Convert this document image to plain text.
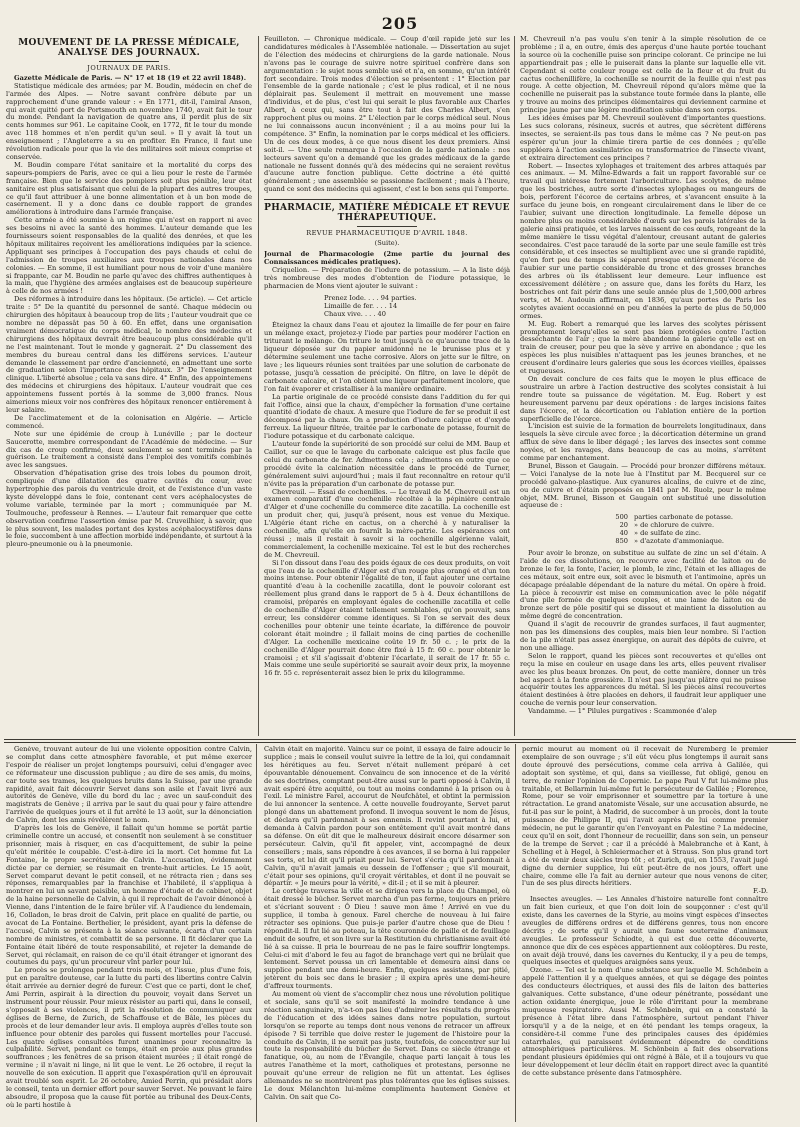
205
MOUVEMENT DE LA PRESSE MÉDICALE, ANALYSE DES JOURNAUX.
JOURNAUX DE PARIS.

Gazette Médicale de Paris. — N° 17 et 18 (19 et 22 avril 1848).

Statistique médicale des armées; par M. Boudin, médecin en chef de l'armée des Alpes. — Notre savant confrère débute par un rapprochement d'une grande valeur : « En 1771, dit-il, l'amiral Anson, qui avait quitté port de Portsmouth en novembre 1740, avait fait le tour du monde. Pendant la navigation de quatre ans, il perdit plus de six cents hommes sur 961. Le capitaine Cook, en 1772, fit le tour du monde avec 118 hommes et n'en perdit qu'un seul. » Il y avait là tout un enseignement ; l'Angleterre a su en profiter. En France, il faut une révolution radicale pour que la vie des militaires soit mieux comprise et conservée.

M. Boudin compare l'état sanitaire et la mortalité du corps des sapeurs-pompiers de Paris, avec ce qui a lieu pour le reste de l'armée française. Bien que le service des pompiers soit plus pénible, leur état sanitaire est plus satisfaisant que celui de la plupart des autres troupes, ce qu'il faut attribuer à une bonne alimentation et à un bon mode de casernement. Il y a donc dans ce double rapport de grandes améliorations à introduire dans l'armée française.

Cette armée a été soumise à un régime qui n'est en rapport ni avec ses besoins ni avec la santé des hommes. L'auteur demande que les fournisseurs soient responsables de la qualité des denrées, et que les hôpitaux militaires reçoivent les améliorations indiquées par la science. Appliquant ses principes à l'occupation des pays chauds et celui de l'admission de troupes auxiliaires aux troupes nationales dans nos colonies. — En somme, il est humiliant pour nous de voir d'une manière si frappante, car M. Boudin ne parle qu'avec des chiffres authentiques à la main, que l'hygiène des armées anglaises est de beaucoup supérieure à celle de nos armées !

Des réformes à introduire dans les hôpitaux. (5e article). — Cet article traite : 5° De la quantité du personnel de santé. Chaque médecin ou chirurgien des hôpitaux à beaucoup trop de lits ; l'auteur voudrait que ce nombre ne dépassât pas 50 à 60. En effet, dans une organisation vraiment démocratique du corps médical, le nombre des médecins et chirurgiens des hôpitaux devrait être beaucoup plus considérable qu'il ne l'est maintenant. Tout le monde y gagnerait. 2° Du classement des membres du bureau central dans les différens services. L'auteur demande le classement par ordre d'ancienneté, en admettant une sorte de graduation selon l'importance des hôpitaux. 3° De l'enseignement clinique. L'liberté absolue ; cela va sans dire. 4° Enfin, des appointemens des médecins et chirurgiens des hôpitaux. L'auteur voudrait que ces appointemens fussent portés à la somme de 3,000 francs. Nous aimerions mieux voir nos confrères des hôpitaux renoncer entièrement à leur salaire.

De l'acclimatement et de la colonisation en Algérie. — Article commencé.

Note sur une épidémie de croup à Lunéville ; par le docteur Saucerotte, membre correspondant de l'Académie de médecine. — Sur dix cas de croup confirmé, deux seulement se sont terminés par la guérison. Le traitement a consisté dans l'emploi des vomitifs combinés avec les sangsues.

Observation d'hépatisation grise des trois lobes du poumon droit, compliquée d'une dilatation des quatre cavités du cœur, avec hypertrophie des parois du ventricule droit, et de l'existence d'un vaste kyste développé dans le foie, contenant cent vers acéphalocystes de volume variable, terminée par la mort ; communiquée par M. Toulmouche, professeur à Rennes. — L'auteur fait remarquer que cette observation confirme l'assertion émise par M. Cruveilhier, à savoir, que le plus souvent, les malades portant des kystes acéphalocystifères dans le foie, succombent à une affection morbide indépendante, et surtout à la pleuro-pneumonie ou à la pneumonie.

Feuilleton. — Chronique médicale. — Coup d'œil rapide jeté sur les candidatures médicales à l'Assemblée nationale. — Dissertation au sujet de l'élection des médecins et chirurgiens de la garde nationale. Nous n'avons pas le courage de suivre notre spirituel confrère dans son argumentation : le sujet nous semble usé et n'a, en somme, qu'un intérêt fort secondaire. Trois modes d'élection se présentent : 1° Election par l'ensemble de la garde nationale ; c'est le plus radical, et il ne nous déplairait pas. Seulement il mettrait en mouvement une masse d'individus, et de plus, c'est lui qui serait le plus favorable aux Charles Albert, à ceux qui, sans être tout à fait des Charles Albert, s'en rapprochent plus ou moins. 2° L'élection par le corps médical seul. Nous ne lui connaissons aucun inconvénient ; il a au moins pour lui la compétence. 3° Enfin, la nomination par le corps médical et les officiers. Un de ces deux modes, à ce que nous disent les deux premiers. Ainsi soit-il. — Une seule remarque à l'occasion de la garde nationale : nos lecteurs savent qu'on a demandé que les grades médicaux de la garde nationale ne fussent donnés qu'à des médecins qui ne seraient revêtus d'aucune autre fonction publique. Cette doctrine a été quitté généralement ; une assemblée se passionne facilement ; mais à l'heure, quand ce sont des médecins qui agissent, c'est le bon sens qui l'emporte.

PHARMACIE, MATIÈRE MÉDICALE ET REVUE THÉRAPEUTIQUE.
REVUE PHARMACEUTIQUE D'AVRIL 1848.
(Suite).

Journal de Pharmacologie (2me partie du journal des Connaissances médicales pratiques).

Criquelion. — Préparation de l'iodure de potassium. — A la liste déjà très nombreuse des modes d'obtention de l'iodure potassique, le pharmacien de Mons vient ajouter le suivant :

Prenez Iode. . . . 94 parties.
Limaille de fer. . . . 14
Chaux vive. . . . 40

Éteignez la chaux dans l'eau et ajoutez la limaille de fer pour en faire un mélange exact, projetez-y l'iode par parties pour modérer l'action en triturant le mélange. On triture le tout jusqu'à ce qu'aucune trace de la liqueur déposée sur du papier amidonné ne le brunisse plus et y détermine seulement une tache corrosive. Alors on jette sur le filtre, on lave ; les liqueurs réunies sont traitées par une solution de carbonate de potasse, jusqu'à cessation de précipité. On filtre, on lave le dépôt de carbonate calcaire, et l'on obtient une liqueur parfaitement incolore, que l'on fait évaporer et cristalliser à la manière ordinaire.

La partie originale de ce procédé consiste dans l'addition du fer qui fait l'office, ainsi que la chaux, d'empêcher la formation d'une certaine quantité d'iodate de chaux. A mesure que l'iodure de fer se produit il est décomposé par la chaux. On a production d'iodure calcique et d'oxyde ferreux. La liqueur filtrée, traitée par le carbonate de potasse, fournit de l'iodure potassique et du carbonate calcique.

L'auteur fonde la supériorité de son procédé sur celui de MM. Baup et Caillot, sur ce que le lavage du carbonate calcique est plus facile que celui du carbonate de fer. Admettons cela ; admettons en outre que ce procédé évite la calcination nécessitée dans le procédé de Turner, généralement suivi aujourd'hui ; mais il faut reconnaître en retour qu'il n'évite pas la préparation d'un carbonate de potasse pur.

Chevreuil. — Essai de cochenilles. — Le travail de M. Chevreuil est un examen comparatif d'une cochenille récoltée à la pépinière centrale d'Alger et d'une cochenille du commerce dite zacatilla. La cochenille est un produit cher, qui, jusqu'à présent, nous est venue du Mexique. L'Algérie étant riche en cactus, on a cherché à y naturaliser la cochenille, afin qu'elle en fournît la mère-patrie. Les espérances ont réussi ; mais il restait à savoir si la cochenille algérienne valait, commercialement, la cochenille mexicaine. Tel est le but des recherches de M. Chevreuil.

Si l'on dissout dans l'eau des poids égaux de ces deux produits, on voit que l'eau de la cochenille d'Alger est d'un rouge plus orangé et d'un ton moins intense. Pour obtenir l'égalité de ton, il faut ajouter une certaine quantité d'eau à la cochenille zacatilla, dont le pouvoir colorant est réellement plus grand dans le rapport de 5 à 4. Deux échantillons de cramoisi, préparés en employant égales de cochenille zacatilla et celle de cochenille d'Alger étaient tellement semblables, qu'on pouvait, sans erreur, les considérer comme identiques. Si l'on se servait des deux cochenilles pour obtenir une teinte écarlate, la différence de pouvoir colorant était moindre ; il fallait moins de cinq parties de cochenille d'Alger. La cochenille mexicaine coûte 19 fr. 50 c. ; le prix de la cochenille d'Alger pourrait donc être fixé à 15 fr. 60 c. pour obtenir le cramoisi ; et s'il s'agissait d'obtenir l'écarlate, il serait de 17 fr. 55 c. Mais comme une seule supériorité se saurait avoir deux prix, la moyenne 16 fr. 55 c. représenterait assez bien le prix du kilogramme.

M. Chevreuil n'a pas voulu s'en tenir à la simple résolution de ce problème ; il a, en outre, émis des aperçus d'une haute portée touchant la source où la cochenille puise son principe colorant. Ce principe ne lui appartiendrait pas ; elle le puiserait dans la plante sur laquelle elle vit. Cependant si cette couleur rouge est celle de la fleur et du fruit du cactus cochenillifère, la cochenille se nourrit de la feuille qui n'est pas rouge. À cette objection, M. Chevreuil répond qu'alors même que la cochenille ne puiserait pas la substance toute formée dans la plante, elle y trouve au moins des principes élémentaires qui deviennent carmine et principe jaune par une légère modification subie dans son corps.

Les idées émises par M. Chevreuil soulèvent d'importantes questions. Les sucs colorans, résineux, sucrés et autres, que sécrètent différens insectes, se seraient-ils pas tous dans le même cas ? Ne peut-on pas espérer qu'un jour la chimie tirera partie de ces données ; qu'elle suppléera à l'action assimilatrice ou transformatrice de l'insecte vivant, et extraira directement ces principes ?

Robert. — Insectes xylophages et traitement des arbres attaqués par ces animaux. — M. Milne-Edwards a fait un rapport favorable sur ce travail qui intéresse fortement l'arboriculture. Les scolytes, de même que les bostriches, autre sorte d'insectes xylophages ou mangeurs de bois, perforent l'écorce de certains arbres, et s'avancent ensuite à la surface du jeune bois, en rongeant circulairement dans le liber de ce l'aubier, suivant une direction longitudinale. La femelle dépose un nombre plus ou moins considérable d'œufs sur les parois latérales de la galerie ainsi pratiquée, et les larves naissent de ces œufs, rongeant de la même manière le tissu végétal d'alentour, creusant autant de galeries secondaires. C'est pace taraudé de la sorte par une seule famille est très considérable, et ces insectes se multiplient avec une si grande rapidité, qu'en fort peu de temps ils séparent presque entièrement l'écorce de l'aubier sur une partie considérable du tronc et des grosses branches des arbres où ils établissent leur demeure. Leur influence est excessivement délétère ; on assure que, dans les forêts du Harz, les bostriches ont fait périr dans une seule année plus de 1,500,000 arbres verts, et M. Audouin affirmait, en 1836, qu'aux portes de Paris les scolytes avaient occasionné en peu d'années la perte de plus de 50,000 ormes.

M. Eug. Robert a remarqué que les larves des scolytes périssent promptement lorsqu'elles se sont pas bien protégées contre l'action desséchante de l'air ; que la mère abandonne la galerie qu'elle est en train de creuser, pour peu que la sève y arrive en abondance ; que les espèces les plus nuisibles n'attaquent pas les jeunes branches, et ne creusent d'ordinaire leurs galeries que sous les écorces vieilles, épaisses et rugueuses.

On devait conclure de ces faits que le moyen le plus efficace de soustraire un arbre à l'action destructive des scolytes consistait à lui rendre toute sa puissance de végétation. M. Eug. Robert y est heureusement parvenu par deux opérations : de larges incisions faites dans l'écorce, et la décortication ou l'ablation entière de la portion superficielle de l'écorce.

L'incision est suivie de la formation de bourrelets longitudinaux, dans lesquels la sève circule avec force ; la décortication détermine un grand afflux de sève dans le liber dégagé ; les larves des insectes sont comme noyées, et les ravages, dans beaucoup de cas au moins, s'arrêtent comme par enchantement.

Brunel, Bisson et Gaugain. — Procédé pour bronzer différens métaux. — Voici l'analyse de la note lue à l'Institut par M. Becquerel sur ce procédé galvano-plastique. Aux cyanures alcalins, de cuivre et de zinc, ou de cuivre et d'étain proposés en 1841 par M. Ruolz, pour le même objet, MM. Brunel, Bisson et Gaugain ont substitué une dissolution aqueuse de :

500 parties carbonate de potasse.
20 » de chlorure de cuivre.
40 » de sulfate de zinc.
850 » d'azotate d'ammoniaque.

Pour avoir le bronze, on substitue au sulfate de zinc un sel d'étain. A l'aide de ces dissolutions, on recouvre avec facilité de laiton ou de bronze le fer, la fonte, l'acier, le plomb, le zinc, l'étain et les alliages de ces métaux, soit entre eux, soit avec le bismuth et l'antimoine, après un décapage préalable dépendant de la nature du métal. On opère à froid. La pièce à recouvrir est mise en communication avec le pôle négatif d'une pile formée de quelques couples, et une lame de laiton ou de bronze sert de pôle positif qui se dissout et maintient la dissolution au même degré de concentration.

Quand il s'agit de recouvrir de grandes surfaces, il faut augmenter, non pas les dimensions des couples, mais bien leur nombre. Si l'action de la pile n'était pas assez énergique, on aurait des dépôts de cuivre, et non une alliage.

Selon le rapport, quand les pièces sont recouvertes et qu'elles ont reçu la mise en couleur en usage dans les arts, elles peuvent rivaliser avec les plus beaux bronzes. On peut, de cette manière, donner un très bel aspect à la fonte grossière. Il n'est pas jusqu'au plâtre qui ne puisse acquérir toutes les apparences du métal. Si les pièces ainsi recouvertes étaient destinées à être placées en dehors, il faudrait leur appliquer une couche de vernis pour leur conservation.

Vandamme. — 1° Pilules purgatives : Scammonée d'alep

Genève, trouvant auteur de lui une violente opposition contre Calvin, se complut dans cette atmosphère favorable, et put même exercer l'espoir de réaliser un projet longtemps poursuivi, celui d'engager avec ce réformateur une discussion publique ; au dire de ses amis, du moins, car toute ses trames, les quelques bruits dans la Suisse, par une grande rapidité, avait fait découvrir Servet dans son asile et l'avait livré aux autorités de Genève, ville du bord du lac ; avec un sauf-conduit des magistrats de Genève ; il arriva par le saut du quai pour y faire attendre l'arrivée de quelques jours et il fut arrêté le 13 août, sur la dénonciation de Calvin, dont les amis révélèrent le nom.

D'après les lois de Genève, il fallait qu'un homme se portât partie criminelle contre un accusé, et consentît non seulement à se constituer prisonnier, mais à risquer, en cas d'acquittement, de subir la peine qu'eût méritée le coupable. C'est-à-dire ici la mort. Cet homme fut La Fontaine, le propre secrétaire de Calvin. L'accusation, évidemment dictée par ce dernier, se résumait en trente-huit articles. Le 15 août, Servet comparut devant le petit conseil, et ne rétracta rien ; dans ses réponses, remarquables par la franchise et l'habileté, il s'appliqua à montrer en lui un savant paisible, un homme d'étude et de cabinet, objet de la haine personnelle de Calvin, à qui il reprochait de l'avoir dénoncé à Vienne, dans l'intention de le faire brûler vif. À l'audience du lendemain, 16, Colladon, le bras droit de Calvin, prit place en qualité de partie, ou avocat de La Fontaine. Berthelier, le président, ayant pris la défense de l'accusé, Calvin se présenta à la séance suivante, écarta d'un certain nombre de ministres, et combattit de sa personne. Il fit déclarer que La Fontaine était libéré de toute responsabilité, et rejeter la demande de Servet, qui réclamait, en raison de ce qu'il était étranger et ignorant des coutumes du pays, qu'un procureur vînt parler pour lui.

Le procès se prolongea pendant trois mois, et l'issue, plus d'une fois, put en paraître douteuse, car la lutte du parti des libertins contre Calvin était arrivée au dernier degré de fureur. C'est que ce parti, dont le chef, Ami Perrin, aspirait à la direction du pouvoir, voyait dans Servet un instrument pour réussir. Pour mieux résister au parti qui, dans le conseil, s'opposait à ses violences, il prit la résolution de communiquer aux églises de Berne, de Zurich, de Schaffouse et de Bâle, les pièces du procès et de leur demander leur avis. Il employa auprès d'elles toute son influence pour obtenir des paroles qui fussent mortelles pour l'accusé. Les quatre églises consultées furent unanimes pour reconnaître la culpabilité. Servet, pendant ce temps, était en proie aux plus grandes souffrances ; les fenêtres de sa prison étaient murées ; il était rongé de vermine ; il n'avait ni linge, ni lit que le vent. Le 26 octobre, il reçut la nouvelle de son exécution. Il apprit que l'exaspération qu'il en éprouvait avait troublé son esprit. Le 26 octobre, Amied Perrin, qui présidait alors le conseil, tenta un dernier effort pour sauver Servet. Ne pouvant le faire absoudre, il proposa que la cause fût portée au tribunal des Deux-Cents, où le parti hostile à

Calvin était en majorité. Vaincu sur ce point, il essaya de faire adoucir le supplice ; mais le conseil voulut suivre la lettre de la loi, qui condamnait les hérétiques au feu. Servet n'était nullement préparé à cet épouvantable dénouement. Convaincu de son innocence et de la vérité de ses doctrines, comptant peut-être aussi sur le parti opposé à Calvin, il avait espéré être acquitté, ou tout au moins condamné à la prison ou à l'exil. Le ministre Farel, accourut de Neufchâtel, et obtint la permission de lui annoncer la sentence. À cette nouvelle foudroyante, Servet parut plongé dans un abattement profond. Il invoqua souvent le nom de Jésus, et déclara qu'il pardonnait à ses ennemis. Il revint pourtant à lui, et demanda à Calvin pardon pour son entêtement qu'il avait montré dans sa défense. On eût dit que le malheureux désirait encore désarmer son persécuteur. Calvin, qu'il fit appeler, vint, accompagné de deux conseillers ; mais, sans répondre à ces avances, il se borna à lui rappeler ses torts, et lui dit qu'il priait pour lui. Servet s'écria qu'il pardonnait à Calvin, qu'il n'avait jamais eu dessein de l'offenser ; que s'il mourait, c'était pour ses opinions, qu'il croyait véritables, et dont il ne pouvait se départir. « Je meurs pour la vérité, » dit-il ; et il se mit à pleurer.

Le cortège traversa la ville et se dirigea vers la place du Champel, où était dressé le bûcher. Servet marcha d'un pas ferme, toujours en prière et s'écriant souvent : Ô Dieu ! sauve mon âme ! Arrivé en vue du supplice, il tomba à genoux. Farel cherche de nouveau à lui faire rétracter ses opinions. Que puis-je parler d'autre chose que de Dieu ! répondit-il. Il fut lié au poteau, la tête couronnée de paille et de feuillage enduit de soufre, et son livre sur la Restitution du christianisme avait été lié à sa cuisse. Il pria le bourreau de ne pas le faire souffrir longtemps. Celui-ci mit d'abord le feu au fagot de branchage vert qui ne brûlait que lentement. Servet poussa un cri lamentable et demeura ainsi dans ce supplice pendant une demi-heure. Enfin, quelques assistans, par pitié, jetèrent du bois sec dans le brasier ; il expira après une demi-heure d'affreux tourments.

Au moment où vient de s'accomplir chez nous une révolution politique et sociale, sans qu'il se soit manifesté la moindre tendance à une réaction sanguinaire, n'a-t-on pas lieu d'admirer les résultats du progrès de l'éducation et des idées saines dans notre population, surtout lorsqu'on se reporte au temps dont nous venons de retracer un affreux épisode ? Si terrible que doive rester le jugement de l'histoire pour la conduite de Calvin, il ne serait pas juste, toutefois, de concentrer sur lui toute la responsabilité du bûcher de Servet. Dans ce siècle étrange et fanatique, où, au nom de l'Évangile, chaque parti lançait à tous les autres l'anathème et la mort, catholiques et protestans, personne ne pouvait qu'une erreur de religion ne fût un attentat. Les églises allemandes ne se montrèrent pas plus tolérantes que les églises suisses. Le doux Mélanchton lui-même complimenta hautement Genève et Calvin. On sait que Co-

pernic mourut au moment où il recevait de Nuremberg le premier exemplaire de son ouvrage ; s'il eût vécu plus longtemps il aurait sans doute éprouvé des persécutions, comme cela arriva à Galilée, qui adoptait son système, et qui, dans sa vieillesse, fut obligé, genou en terre, de renier l'opinion de Copernic. Le pape Paul V fut lui-même plus traitable, et Bellarmin lui-même fut le persécuteur de Galilée ; Florence, Rome, pour se voir emprisonner et soumettre par la torture à une rétractation. Le grand anatomiste Vésale, sur une accusation absurde, ne fut-il pas sur le point, à Madrid, de succomber à un procès, dont la toute puissance de Philippe II, qui l'avait auprès de lui comme premier médecin, ne put le garantir qu'en l'envoyant en Palestine ? La médecine, ceux qu'il en soit, dont l'honneur de recueillir, dans son sein, un penseur de la trempe de Servet ; car il a précédé à Malebranche et à Kant, à Schelling et à Hegel, à Schleiermacher et à Strauss. Son plus grand tort a été de venir deux siècles trop tôt ; et Zurich, qui, en 1553, l'avait jugé digne du dernier supplice, lui eût peut-être de nos jours, offert une chaire, comme elle l'a fait au dernier auteur que nous venons de citer, l'un de ses plus directs héritiers.

F.-D.

Insectes aveugles. — Les Annales d'histoire naturelle font connaître un fait bien curieux, et que l'on doit loin de soupçonner : c'est qu'il existe, dans les cavernes de la Styrie, au moins vingt espèces d'insectes aveugles de différens ordres et de différens genres, tous non encore décrits ; de sorte qu'il y aurait une faune souterraine d'animaux aveugles. Le professeur Schiodte, à qui est due cette découverte, annonce que dix de ces espèces appartiennent aux coléoptères. Du reste, on avait déjà trouvé, dans les cavernes du Kentucky, il y a peu de temps, quelques insectes et quelques araignées sans yeux.

Ozone. — Tel est le nom d'une substance sur laquelle M. Schönbein a appelé l'attention il y a quelques années, et qui se dégage des pointes des conducteurs électriques, et aussi des fils de laiton des batteries galvaniques. Cette substance, d'une odeur pénétrante, possédant une action oxidante énergique, joue le rôle d'irritant pour la membrane muqueuse respiratoire. Aussi M. Schönbein, qui en a constaté la présence à l'état libre dans l'atmosphère, surtout pendant l'hiver lorsqu'il y a de la neige, et en été pendant les temps orageux, la considère-t-il comme l'une des principales causes des épidémies catarrhales, qui paraissent évidemment dépendre de conditions atmosphériques particulières. M. Schönbein a fait des observations pendant plusieurs épidémies qui ont régné à Bâle, et il a toujours vu que leur développement et leur déclin était en rapport direct avec la quantité de cette substance présente dans l'atmosphère.
